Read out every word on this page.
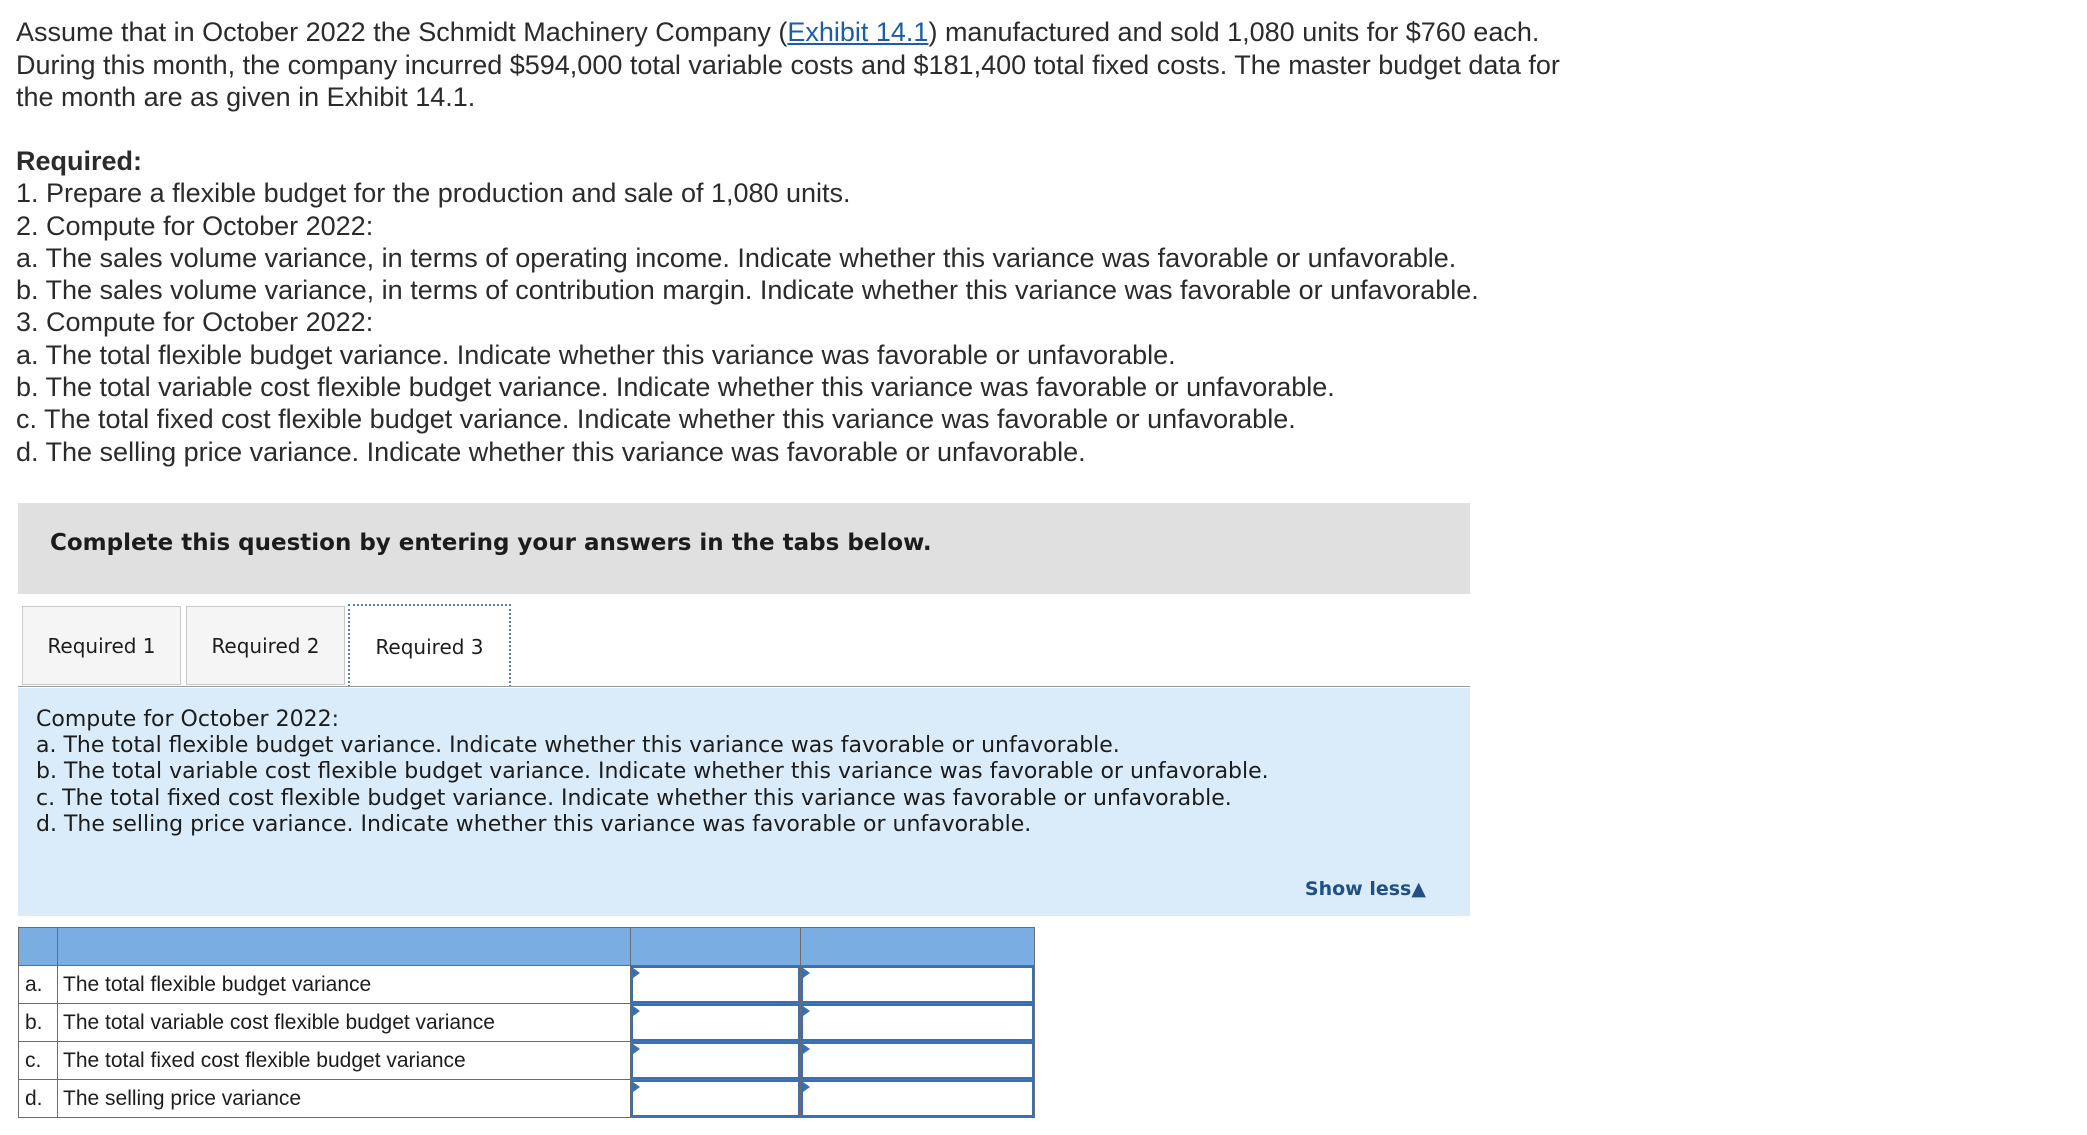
Assume that in October 2022 the Schmidt Machinery Company (Exhibit 14.1) manufactured and sold 1,080 units for $760 each.
During this month, the company incurred $594,000 total variable costs and $181,400 total fixed costs. The master budget data for
the month are as given in Exhibit 14.1.
Required:
1. Prepare a flexible budget for the production and sale of 1,080 units.
2. Compute for October 2022:
a. The sales volume variance, in terms of operating income. Indicate whether this variance was favorable or unfavorable.
b. The sales volume variance, in terms of contribution margin. Indicate whether this variance was favorable or unfavorable.
3. Compute for October 2022:
a. The total flexible budget variance. Indicate whether this variance was favorable or unfavorable.
b. The total variable cost flexible budget variance. Indicate whether this variance was favorable or unfavorable.
c. The total fixed cost flexible budget variance. Indicate whether this variance was favorable or unfavorable.
d. The selling price variance. Indicate whether this variance was favorable or unfavorable.
Complete this question by entering your answers in the tabs below.
Required 1	Required 2	Required 3
Compute for October 2022:
a. The total flexible budget variance. Indicate whether this variance was favorable or unfavorable.
b. The total variable cost flexible budget variance. Indicate whether this variance was favorable or unfavorable.
c. The total fixed cost flexible budget variance. Indicate whether this variance was favorable or unfavorable.
d. The selling price variance. Indicate whether this variance was favorable or unfavorable.
Show less▲

a.	The total flexible budget variance	

b.	The total variable cost flexible budget variance	

c.	The total fixed cost flexible budget variance	

d.	The selling price variance	
